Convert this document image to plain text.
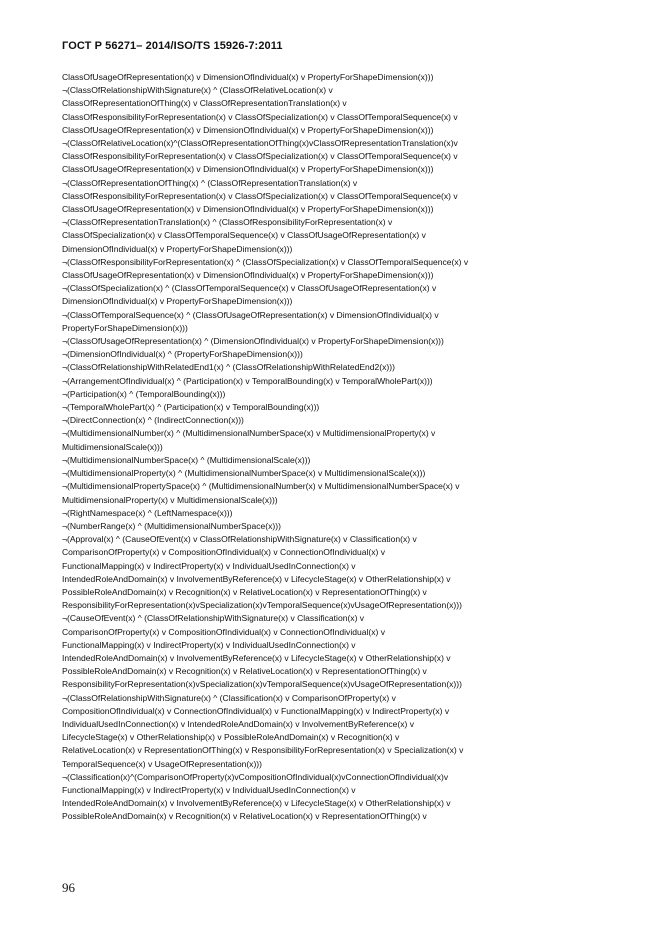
ГОСТ Р 56271– 2014/ISO/TS 15926-7:2011
ClassOfUsageOfRepresentation(x) v DimensionOfIndividual(x) v PropertyForShapeDimension(x)))
¬(ClassOfRelationshipWithSignature(x) ^ (ClassOfRelativeLocation(x) v
ClassOfRepresentationOfThing(x) v ClassOfRepresentationTranslation(x) v
ClassOfResponsibilityForRepresentation(x) v ClassOfSpecialization(x) v ClassOfTemporalSequence(x) v
ClassOfUsageOfRepresentation(x) v DimensionOfIndividual(x) v PropertyForShapeDimension(x)))
¬(ClassOfRelativeLocation(x)^(ClassOfRepresentationOfThing(x)vClassOfRepresentationTranslation(x)v
ClassOfResponsibilityForRepresentation(x) v ClassOfSpecialization(x) v ClassOfTemporalSequence(x) v
ClassOfUsageOfRepresentation(x) v DimensionOfIndividual(x) v PropertyForShapeDimension(x)))
¬(ClassOfRepresentationOfThing(x) ^ (ClassOfRepresentationTranslation(x) v
ClassOfResponsibilityForRepresentation(x) v ClassOfSpecialization(x) v ClassOfTemporalSequence(x) v
ClassOfUsageOfRepresentation(x) v DimensionOfIndividual(x) v PropertyForShapeDimension(x)))
¬(ClassOfRepresentationTranslation(x) ^ (ClassOfResponsibilityForRepresentation(x) v
ClassOfSpecialization(x) v ClassOfTemporalSequence(x) v ClassOfUsageOfRepresentation(x) v
DimensionOfIndividual(x) v PropertyForShapeDimension(x)))
¬(ClassOfResponsibilityForRepresentation(x) ^ (ClassOfSpecialization(x) v ClassOfTemporalSequence(x) v
ClassOfUsageOfRepresentation(x) v DimensionOfIndividual(x) v PropertyForShapeDimension(x)))
¬(ClassOfSpecialization(x) ^ (ClassOfTemporalSequence(x) v ClassOfUsageOfRepresentation(x) v
DimensionOfIndividual(x) v PropertyForShapeDimension(x)))
¬(ClassOfTemporalSequence(x) ^ (ClassOfUsageOfRepresentation(x) v DimensionOfIndividual(x) v
PropertyForShapeDimension(x)))
¬(ClassOfUsageOfRepresentation(x) ^ (DimensionOfIndividual(x) v PropertyForShapeDimension(x)))
¬(DimensionOfIndividual(x) ^ (PropertyForShapeDimension(x)))
¬(ClassOfRelationshipWithRelatedEnd1(x) ^ (ClassOfRelationshipWithRelatedEnd2(x)))
¬(ArrangementOfIndividual(x) ^ (Participation(x) v TemporalBounding(x) v TemporalWholePart(x)))
¬(Participation(x) ^ (TemporalBounding(x)))
¬(TemporalWholePart(x) ^ (Participation(x) v TemporalBounding(x)))
¬(DirectConnection(x) ^ (IndirectConnection(x)))
¬(MultidimensionalNumber(x) ^ (MultidimensionalNumberSpace(x) v MultidimensionalProperty(x) v
MultidimensionalScale(x)))
¬(MultidimensionalNumberSpace(x) ^ (MultidimensionalScale(x)))
¬(MultidimensionalProperty(x) ^ (MultidimensionalNumberSpace(x) v MultidimensionalScale(x)))
¬(MultidimensionalPropertySpace(x) ^ (MultidimensionalNumber(x) v MultidimensionalNumberSpace(x) v
MultidimensionalProperty(x) v MultidimensionalScale(x)))
¬(RightNamespace(x) ^ (LeftNamespace(x)))
¬(NumberRange(x) ^ (MultidimensionalNumberSpace(x)))
¬(Approval(x) ^ (CauseOfEvent(x) v ClassOfRelationshipWithSignature(x) v Classification(x) v
ComparisonOfProperty(x) v CompositionOfIndividual(x) v ConnectionOfIndividual(x) v
FunctionalMapping(x) v IndirectProperty(x) v IndividualUsedInConnection(x) v
IntendedRoleAndDomain(x) v InvolvementByReference(x) v LifecycleStage(x) v OtherRelationship(x) v
PossibleRoleAndDomain(x) v Recognition(x) v RelativeLocation(x) v RepresentationOfThing(x) v
ResponsibilityForRepresentation(x)vSpecialization(x)vTemporalSequence(x)vUsageOfRepresentation(x)))
¬(CauseOfEvent(x) ^ (ClassOfRelationshipWithSignature(x) v Classification(x) v
ComparisonOfProperty(x) v CompositionOfIndividual(x) v ConnectionOfIndividual(x) v
FunctionalMapping(x) v IndirectProperty(x) v IndividualUsedInConnection(x) v
IntendedRoleAndDomain(x) v InvolvementByReference(x) v LifecycleStage(x) v OtherRelationship(x) v
PossibleRoleAndDomain(x) v Recognition(x) v RelativeLocation(x) v RepresentationOfThing(x) v
ResponsibilityForRepresentation(x)vSpecialization(x)vTemporalSequence(x)vUsageOfRepresentation(x)))
¬(ClassOfRelationshipWithSignature(x) ^ (Classification(x) v ComparisonOfProperty(x) v
CompositionOfIndividual(x) v ConnectionOfIndividual(x) v FunctionalMapping(x) v IndirectProperty(x) v
IndividualUsedInConnection(x) v IntendedRoleAndDomain(x) v InvolvementByReference(x) v
LifecycleStage(x) v OtherRelationship(x) v PossibleRoleAndDomain(x) v Recognition(x) v
RelativeLocation(x) v RepresentationOfThing(x) v ResponsibilityForRepresentation(x) v Specialization(x) v
TemporalSequence(x) v UsageOfRepresentation(x)))
¬(Classification(x)^(ComparisonOfProperty(x)vCompositionOfIndividual(x)vConnectionOfIndividual(x)v
FunctionalMapping(x) v IndirectProperty(x) v IndividualUsedInConnection(x) v
IntendedRoleAndDomain(x) v InvolvementByReference(x) v LifecycleStage(x) v OtherRelationship(x) v
PossibleRoleAndDomain(x) v Recognition(x) v RelativeLocation(x) v RepresentationOfThing(x) v
96
